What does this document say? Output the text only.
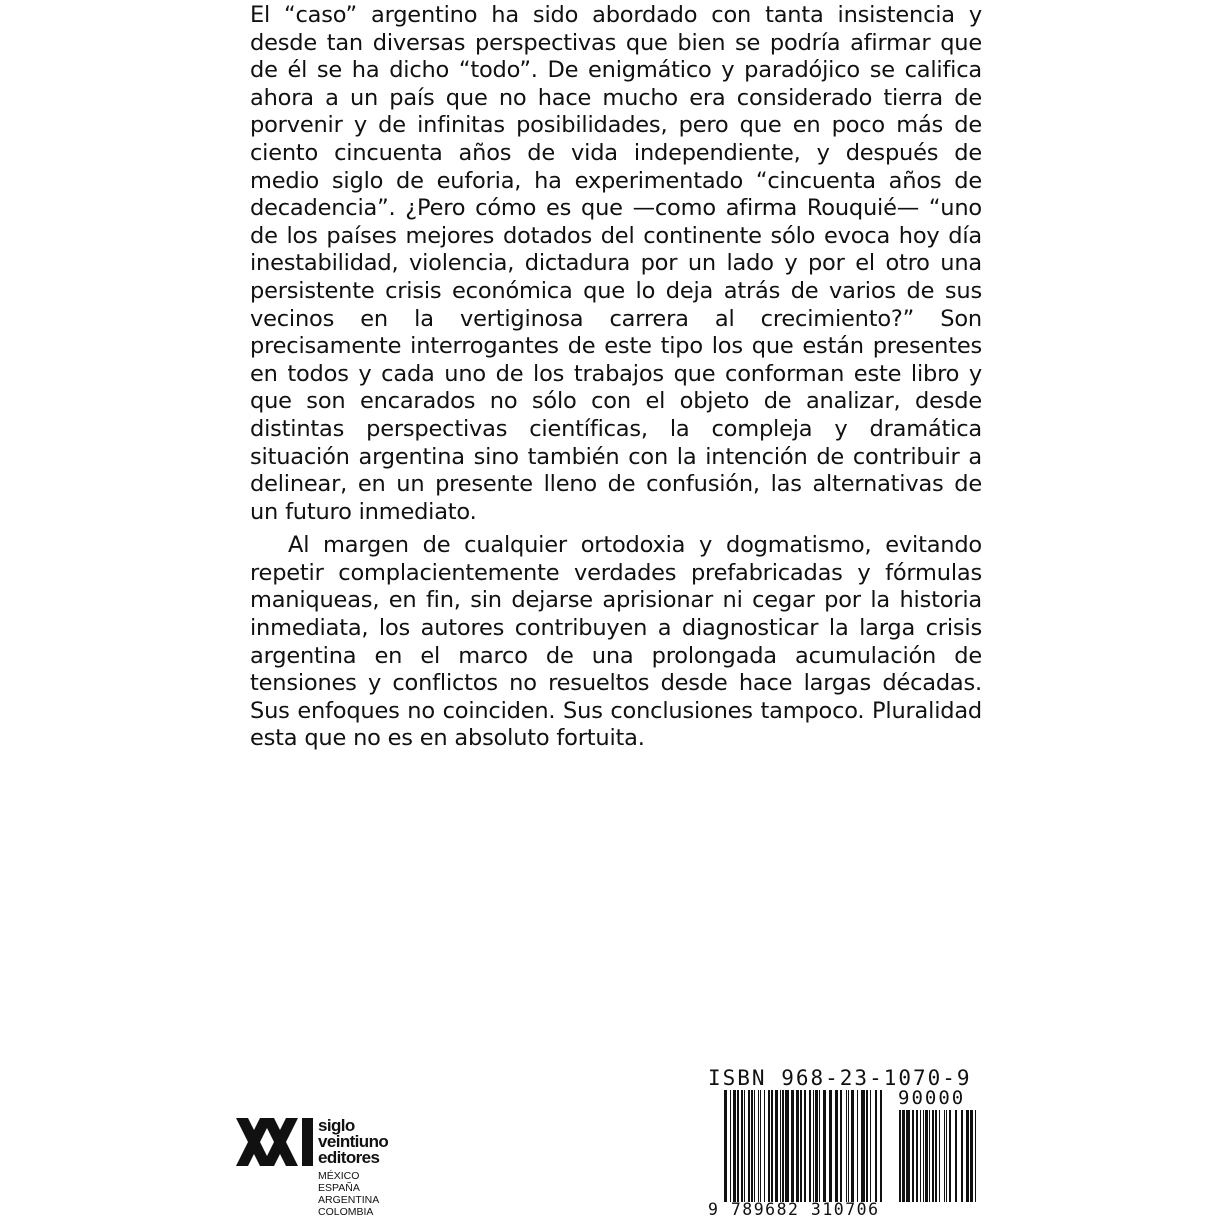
El “caso” argentino ha sido abordado con tanta insistencia y desde tan diversas perspectivas que bien se podría afirmar que de él se ha dicho “todo”. De enigmático y paradójico se califica ahora a un país que no hace mucho era considerado tierra de porvenir y de infinitas posibilidades, pero que en poco más de ciento cincuenta años de vida independiente, y después de medio siglo de euforia, ha experimentado “cincuenta años de decadencia”. ¿Pero cómo es que —como afirma Rouquié— “uno de los países mejores dotados del continente sólo evoca hoy día inestabilidad, violencia, dictadura por un lado y por el otro una persistente crisis económica que lo deja atrás de varios de sus vecinos en la vertiginosa carrera al crecimiento?” Son precisamente interrogantes de este tipo los que están presentes en todos y cada uno de los trabajos que conforman este libro y que son encarados no sólo con el objeto de analizar, desde distintas perspectivas científicas, la compleja y dramática situación argentina sino también con la intención de contribuir a delinear, en un presente lleno de confusión, las alternativas de un futuro inmediato.

Al margen de cualquier ortodoxia y dogmatismo, evitando repetir complacientemente verdades prefabricadas y fórmulas maniqueas, en fin, sin dejarse aprisionar ni cegar por la historia inmediata, los autores contribuyen a diagnosticar la larga crisis argentina en el marco de una prolongada acumulación de tensiones y conflictos no resueltos desde hace largas décadas. Sus enfoques no coinciden. Sus conclusiones tampoco. Pluralidad esta que no es en absoluto fortuita.

siglo
veintiuno
editores
MÉXICO
ESPAÑA
ARGENTINA
COLOMBIA
ISBN 968-23-1070-9
90000
9 789682 310706
